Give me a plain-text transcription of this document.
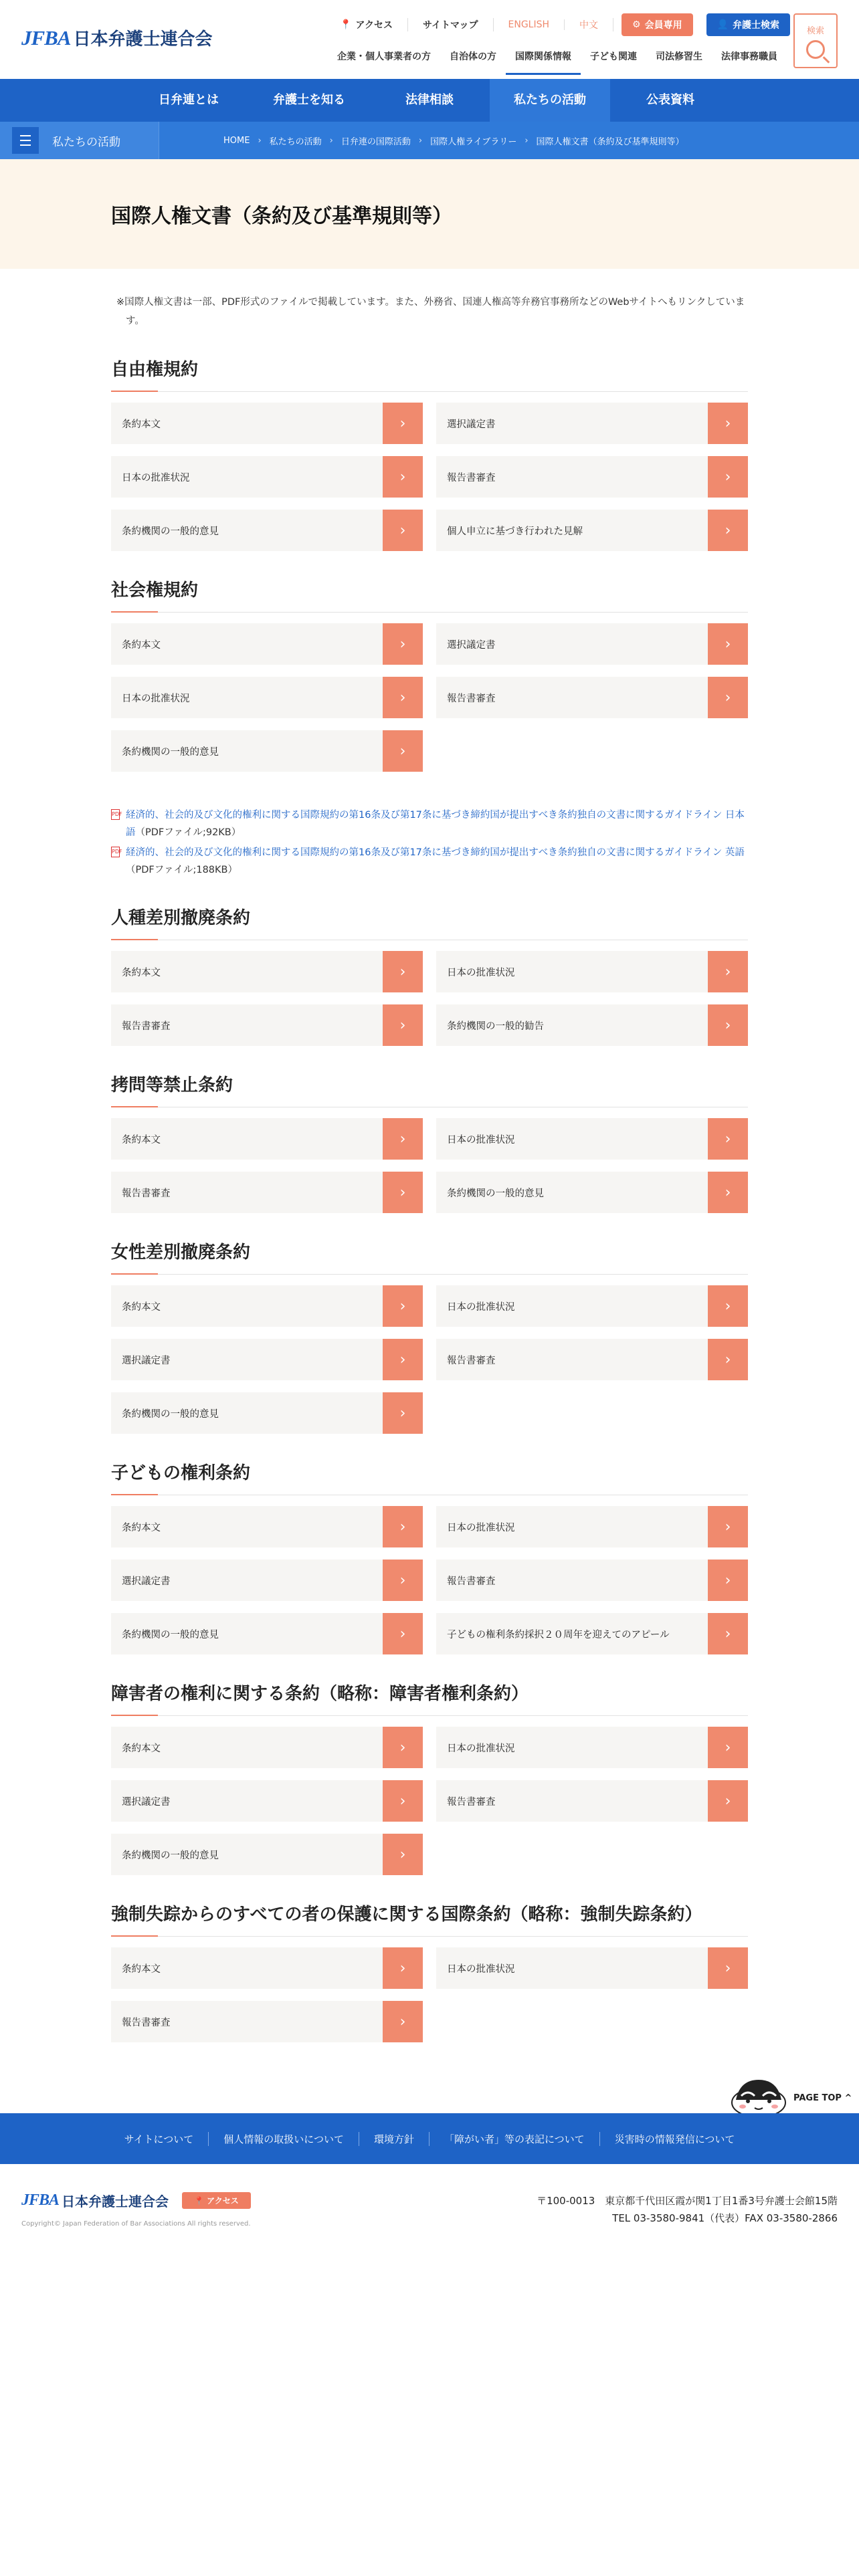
JFBA 日本弁護士連合会
📍 アクセス	サイトマップ	ENGLISH	中文	⚙ 会員専用	👤 弁護士検索	検索
企業・個人事業者の方	自治体の方	国際関係情報	子ども関連	司法修習生	法律事務職員
日弁連とは	弁護士を知る	法律相談	私たちの活動	公表資料
私たちの活動	HOME › 私たちの活動 › 日弁連の国際活動 › 国際人権ライブラリー › 国際人権文書（条約及び基準規則等）
国際人権文書（条約及び基準規則等）

※国際人権文書は一部、PDF形式のファイルで掲載しています。また、外務省、国連人権高等弁務官事務所などのWebサイトへもリンクしています。

自由権規約
条約本文	›	選択議定書	›
日本の批准状況	›	報告書審査	›
条約機関の一般的意見	›	個人申立に基づき行われた見解	›
社会権規約
条約本文	›	選択議定書	›
日本の批准状況	›	報告書審査	›
条約機関の一般的意見	›
PDF 経済的、社会的及び文化的権利に関する国際規約の第16条及び第17条に基づき締約国が提出すべき条約独自の文書に関するガイドライン 日本語（PDFファイル;92KB）
PDF 経済的、社会的及び文化的権利に関する国際規約の第16条及び第17条に基づき締約国が提出すべき条約独自の文書に関するガイドライン 英語（PDFファイル;188KB）
人種差別撤廃条約
条約本文	›	日本の批准状況	›
報告書審査	›	条約機関の一般的勧告	›
拷問等禁止条約
条約本文	›	日本の批准状況	›
報告書審査	›	条約機関の一般的意見	›
女性差別撤廃条約
条約本文	›	日本の批准状況	›
選択議定書	›	報告書審査	›
条約機関の一般的意見	›
子どもの権利条約
条約本文	›	日本の批准状況	›
選択議定書	›	報告書審査	›
条約機関の一般的意見	›	子どもの権利条約採択２０周年を迎えてのアピール	›
障害者の権利に関する条約（略称：障害者権利条約）
条約本文	›	日本の批准状況	›
選択議定書	›	報告書審査	›
条約機関の一般的意見	›
強制失踪からのすべての者の保護に関する国際条約（略称：強制失踪条約）
条約本文	›	日本の批准状況	›
報告書審査	›
PAGE TOP ^
サイトについて	個人情報の取扱いについて	環境方針	「障がい者」等の表記について	災害時の情報発信について
JFBA 日本弁護士連合会	📍 アクセス
Copyright© Japan Federation of Bar Associations All rights reserved.
〒100-0013　東京都千代田区霞が関1丁目1番3号弁護士会館15階
TEL 03-3580-9841（代表）FAX 03-3580-2866
